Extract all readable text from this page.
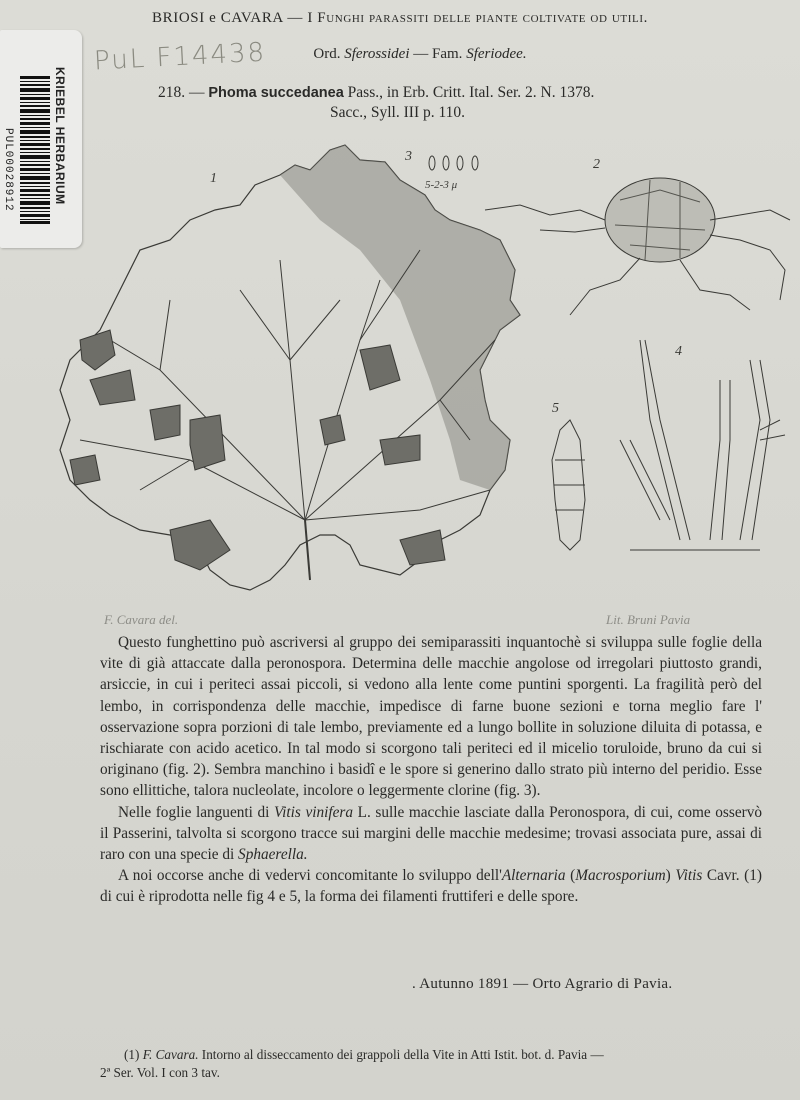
BRIOSI e CAVARA — I Funghi parassiti delle piante coltivate od utili.
Ord. Sferossidei — Fam. Sferiodee.
218. — Phoma succedanea Pass., in Erb. Critt. Ital. Ser. 2. N. 1378.
Sacc., Syll. III p. 110.
PUL00028912	KRIEBEL HERBARIUM
PuL F14438
1
2
3
4
5
5-2-3 μ
F. Cavara del.	Lit. Bruni Pavia

Questo funghettino può ascriversi al gruppo dei semiparassiti inquantochè si sviluppa sulle foglie della vite di già attaccate dalla peronospora. Determina delle macchie angolose od irregolari piuttosto grandi, arsiccie, in cui i periteci assai piccoli, si vedono alla lente come puntini sporgenti. La fragilità però del lembo, in corrispondenza delle macchie, impedisce di farne buone sezioni e torna meglio fare l' osservazione sopra porzioni di tale lembo, previamente ed a lungo bollite in soluzione diluita di potassa, e rischiarate con acido acetico. In tal modo si scorgono tali periteci ed il micelio toruloide, bruno da cui si originano (fig. 2). Sembra manchino i basidî e le spore si generino dallo strato più interno del peridio. Esse sono ellittiche, talora nucleolate, incolore o leggermente clorine (fig. 3).

Nelle foglie languenti di Vitis vinifera L. sulle macchie lasciate dalla Peronospora, di cui, come osservò il Passerini, talvolta si scorgono tracce sui margini delle macchie medesime; trovasi associata pure, assai di raro con una specie di Sphaerella.

A noi occorse anche di vedervi concomitante lo sviluppo dell'Alternaria (Macrosporium) Vitis Cavr. (1) di cui è riprodotta nelle fig 4 e 5, la forma dei filamenti fruttiferi e delle spore.

. Autunno 1891 — Orto Agrario di Pavia.
(1) F. Cavara. Intorno al disseccamento dei grappoli della Vite in Atti Istit. bot. d. Pavia —
2ª Ser. Vol. I con 3 tav.
